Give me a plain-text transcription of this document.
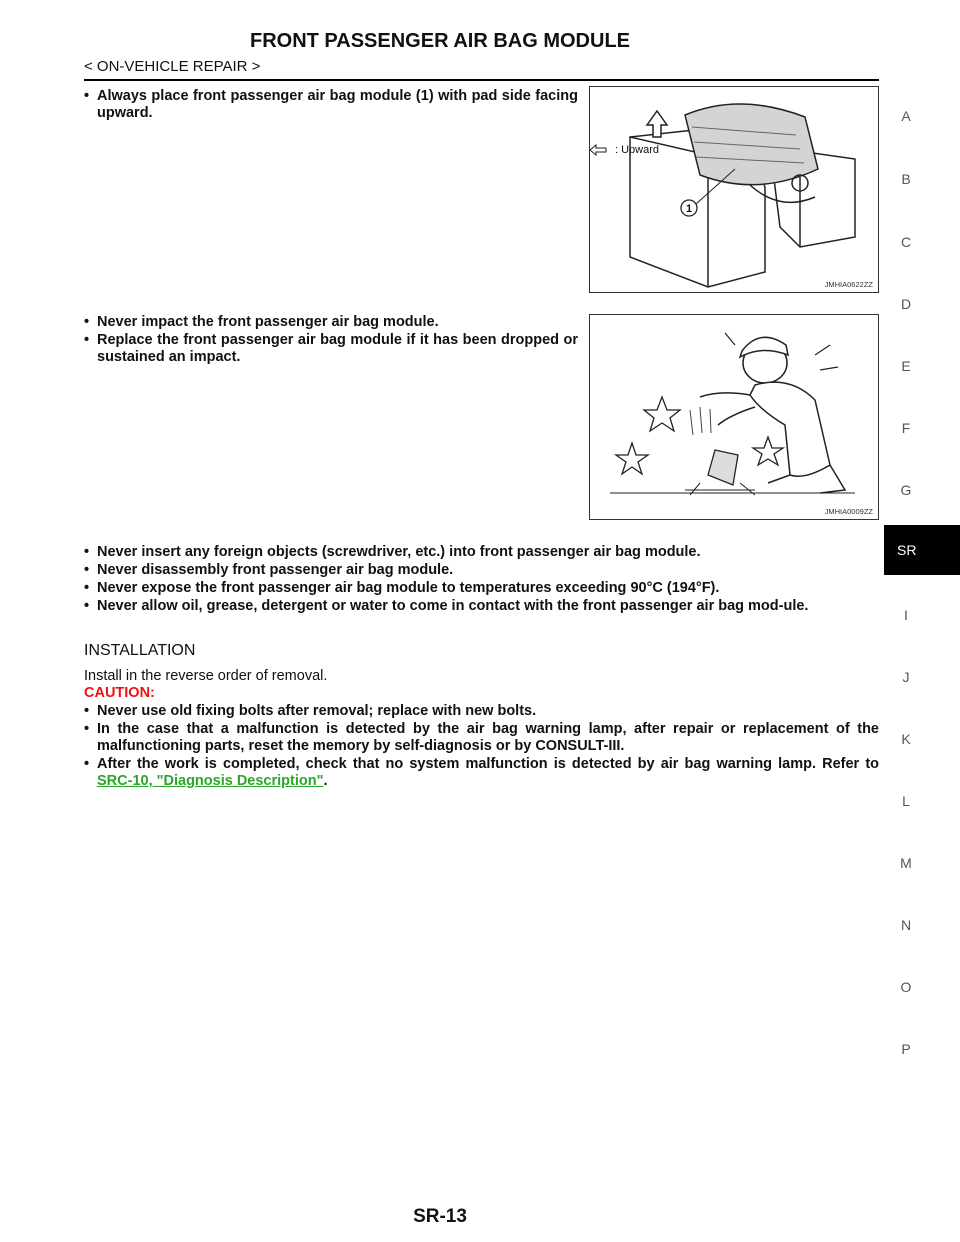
FRONT PASSENGER AIR BAG MODULE
< ON-VEHICLE REPAIR >
A
B
C
D
E
F
G
SR
I
J
K
L
M
N
O
P
• Always place front passenger air bag module (1) with pad side facing upward.
1
JMHIA0622ZZ
: Upward
• Never impact the front passenger air bag module.
• Replace the front passenger air bag module if it has been dropped or sustained an impact.
JMHIA0009ZZ
• Never insert any foreign objects (screwdriver, etc.) into front passenger air bag module.
• Never disassembly front passenger air bag module.
• Never expose the front passenger air bag module to temperatures exceeding 90°C (194°F).
• Never allow oil, grease, detergent or water to come in contact with the front passenger air bag mod-ule.
INSTALLATION
Install in the reverse order of removal.
CAUTION:
• Never use old fixing bolts after removal; replace with new bolts.
• In the case that a malfunction is detected by the air bag warning lamp, after repair or replacement of the malfunctioning parts, reset the memory by self-diagnosis or by CONSULT-III.
• After the work is completed, check that no system malfunction is detected by air bag warning lamp. Refer to SRC-10, "Diagnosis Description".
SR-13
